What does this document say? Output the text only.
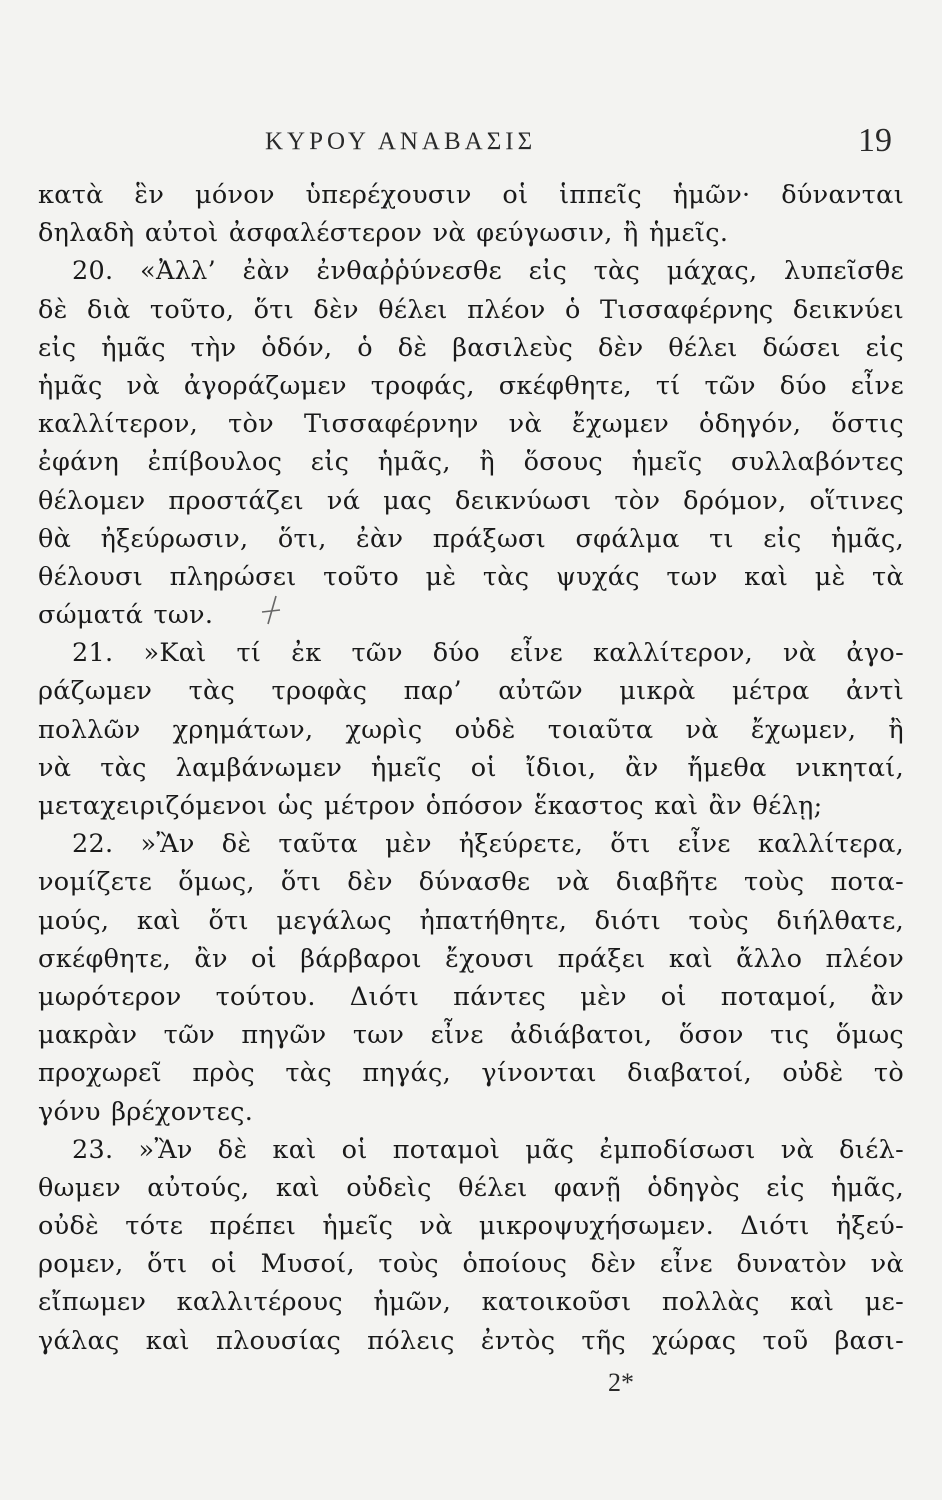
ΚΥΡΟΥ ΑΝΑΒΑΣΙΣ	19
κατὰ ἓν μόνον ὑπερέχουσιν οἱ ἱππεῖς ἡμῶν· δύνανται
δηλαδὴ αὐτοὶ ἀσφαλέστερον νὰ φεύγωσιν, ἢ ἡμεῖς.
20. «Ἀλλ’ ἐὰν ἐνθαῤῥύνεσθε εἰς τὰς μάχας, λυπεῖσθε
δὲ διὰ τοῦτο, ὅτι δὲν θέλει πλέον ὁ Τισσαφέρνης δεικνύει
εἰς ἡμᾶς τὴν ὁδόν, ὁ δὲ βασιλεὺς δὲν θέλει δώσει εἰς
ἡμᾶς νὰ ἀγοράζωμεν τροφάς, σκέφθητε, τί τῶν δύο εἶνε
καλλίτερον, τὸν Τισσαφέρνην νὰ ἔχωμεν ὁδηγόν, ὅστις
ἐφάνη ἐπίβουλος εἰς ἡμᾶς, ἢ ὅσους ἡμεῖς συλλαβόντες
θέλομεν προστάζει νά μας δεικνύωσι τὸν δρόμον, οἵτινες
θὰ ἠξεύρωσιν, ὅτι, ἐὰν πράξωσι σφάλμα τι εἰς ἡμᾶς,
θέλουσι πληρώσει τοῦτο μὲ τὰς ψυχάς των καὶ μὲ τὰ
σώματά των.
21. »Καὶ τί ἐκ τῶν δύο εἶνε καλλίτερον, νὰ ἀγο-
ράζωμεν τὰς τροφὰς παρ’ αὐτῶν μικρὰ μέτρα ἀντὶ
πολλῶν χρημάτων, χωρὶς οὐδὲ τοιαῦτα νὰ ἔχωμεν, ἢ
νὰ τὰς λαμβάνωμεν ἡμεῖς οἱ ἴδιοι, ἂν ἤμεθα νικηταί,
μεταχειριζόμενοι ὡς μέτρον ὁπόσον ἕκαστος καὶ ἂν θέλῃ;
22. »Ἂν δὲ ταῦτα μὲν ἠξεύρετε, ὅτι εἶνε καλλίτερα,
νομίζετε ὅμως, ὅτι δὲν δύνασθε νὰ διαβῆτε τοὺς ποτα-
μούς, καὶ ὅτι μεγάλως ἠπατήθητε, διότι τοὺς διήλθατε,
σκέφθητε, ἂν οἱ βάρβαροι ἔχουσι πράξει καὶ ἄλλο πλέον
μωρότερον τούτου. Διότι πάντες μὲν οἱ ποταμοί, ἂν
μακρὰν τῶν πηγῶν των εἶνε ἀδιάβατοι, ὅσον τις ὅμως
προχωρεῖ πρὸς τὰς πηγάς, γίνονται διαβατοί, οὐδὲ τὸ
γόνυ βρέχοντες.
23. »Ἂν δὲ καὶ οἱ ποταμοὶ μᾶς ἐμποδίσωσι νὰ διέλ-
θωμεν αὐτούς, καὶ οὐδεὶς θέλει φανῇ ὁδηγὸς εἰς ἡμᾶς,
οὐδὲ τότε πρέπει ἡμεῖς νὰ μικροψυχήσωμεν. Διότι ἠξεύ-
ρομεν, ὅτι οἱ Μυσοί, τοὺς ὁποίους δὲν εἶνε δυνατὸν νὰ
εἴπωμεν καλλιτέρους ἡμῶν, κατοικοῦσι πολλὰς καὶ με-
γάλας καὶ πλουσίας πόλεις ἐντὸς τῆς χώρας τοῦ βασι-
2*
